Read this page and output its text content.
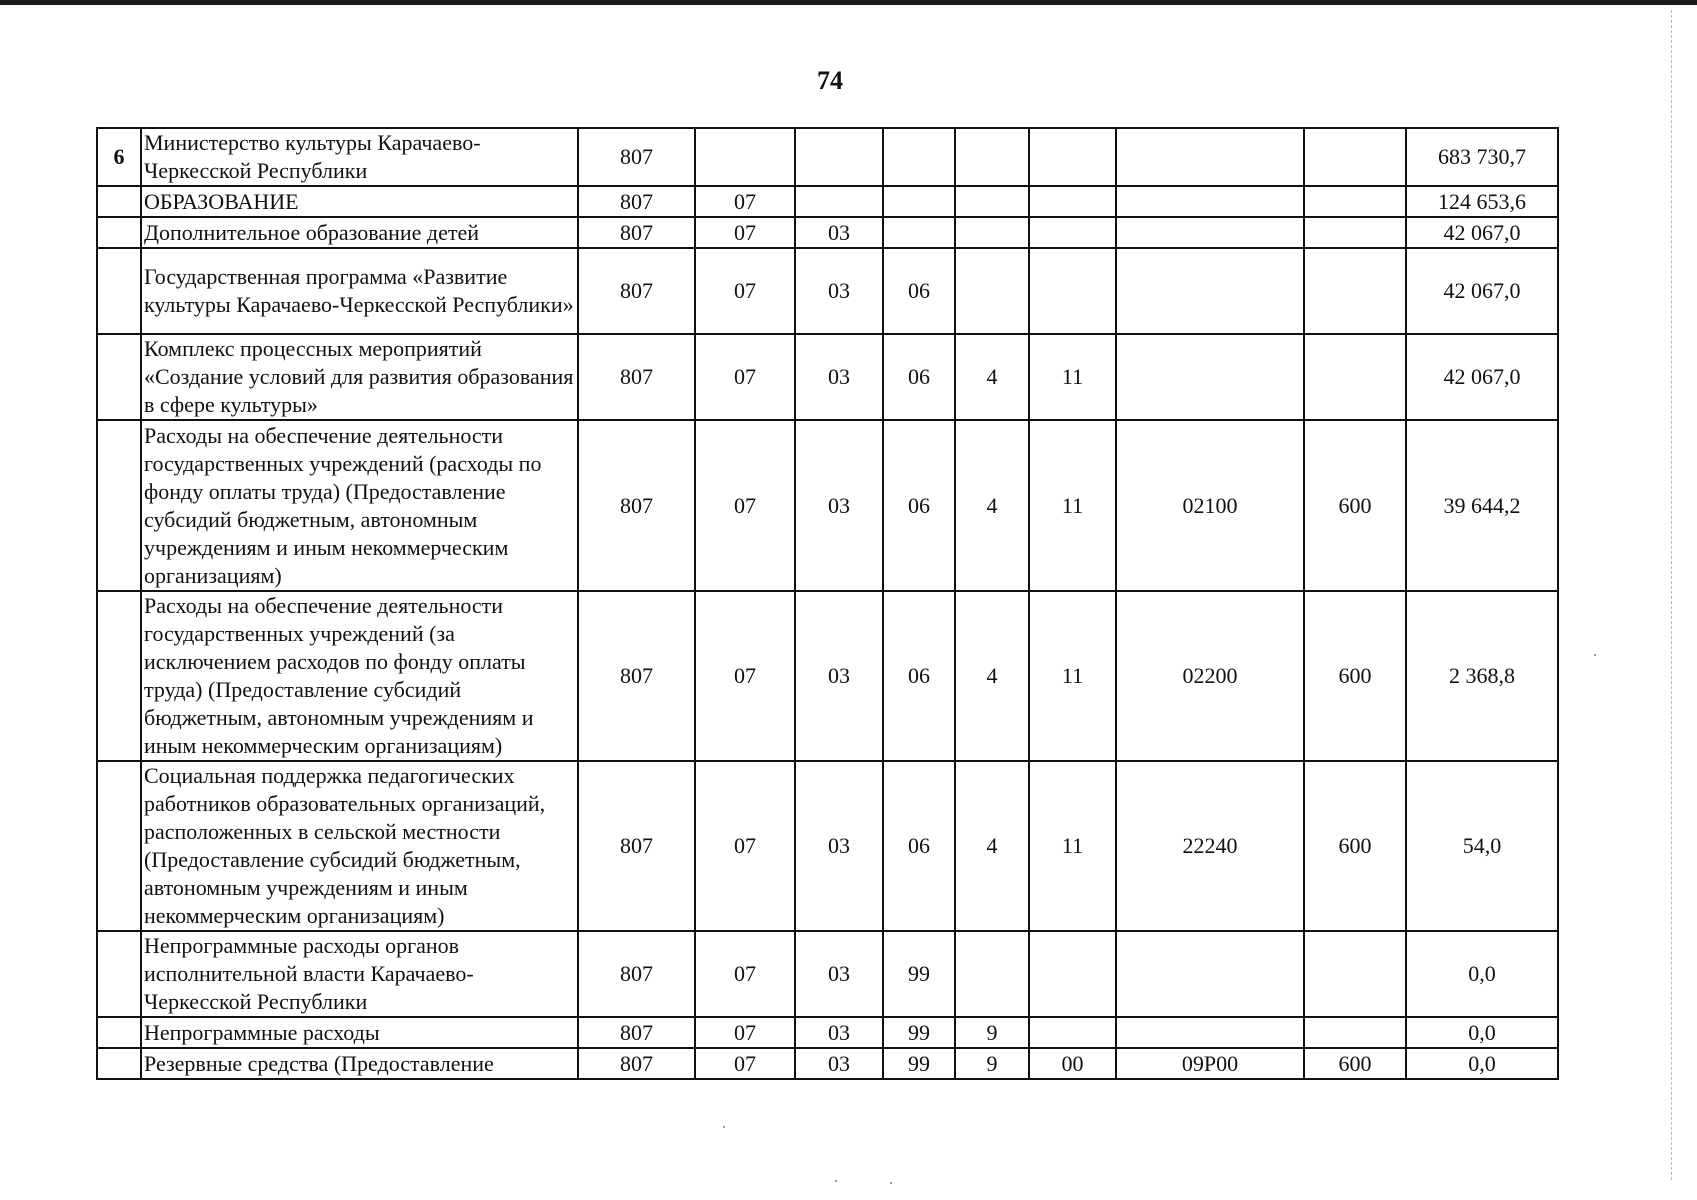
74
6	Министерство культуры Карачаево-Черкесской Республики	807								683 730,7
	ОБРАЗОВАНИЕ	807	07							124 653,6
	Дополнительное образование детей	807	07	03						42 067,0
	Государственная программа «Развитие культуры Карачаево-Черкесской Республики»	807	07	03	06					42 067,0
	Комплекс процессных мероприятий «Создание условий для развития образования в сфере культуры»	807	07	03	06	4	11			42 067,0
	Расходы на обеспечение деятельности государственных учреждений (расходы по фонду оплаты труда) (Предоставление субсидий бюджетным, автономным учреждениям и иным некоммерческим организациям)	807	07	03	06	4	11	02100	600	39 644,2
	Расходы на обеспечение деятельности государственных учреждений (за исключением расходов по фонду оплаты труда) (Предоставление субсидий бюджетным, автономным учреждениям и иным некоммерческим организациям)	807	07	03	06	4	11	02200	600	2 368,8
	Социальная поддержка педагогических работников образовательных организаций, расположенных в сельской местности (Предоставление субсидий бюджетным, автономным учреждениям и иным некоммерческим организациям)	807	07	03	06	4	11	22240	600	54,0
	Непрограммные расходы органов исполнительной власти Карачаево-Черкесской Республики	807	07	03	99					0,0
	Непрограммные расходы	807	07	03	99	9				0,0
	Резервные средства (Предоставление	807	07	03	99	9	00	09Р00	600	0,0
